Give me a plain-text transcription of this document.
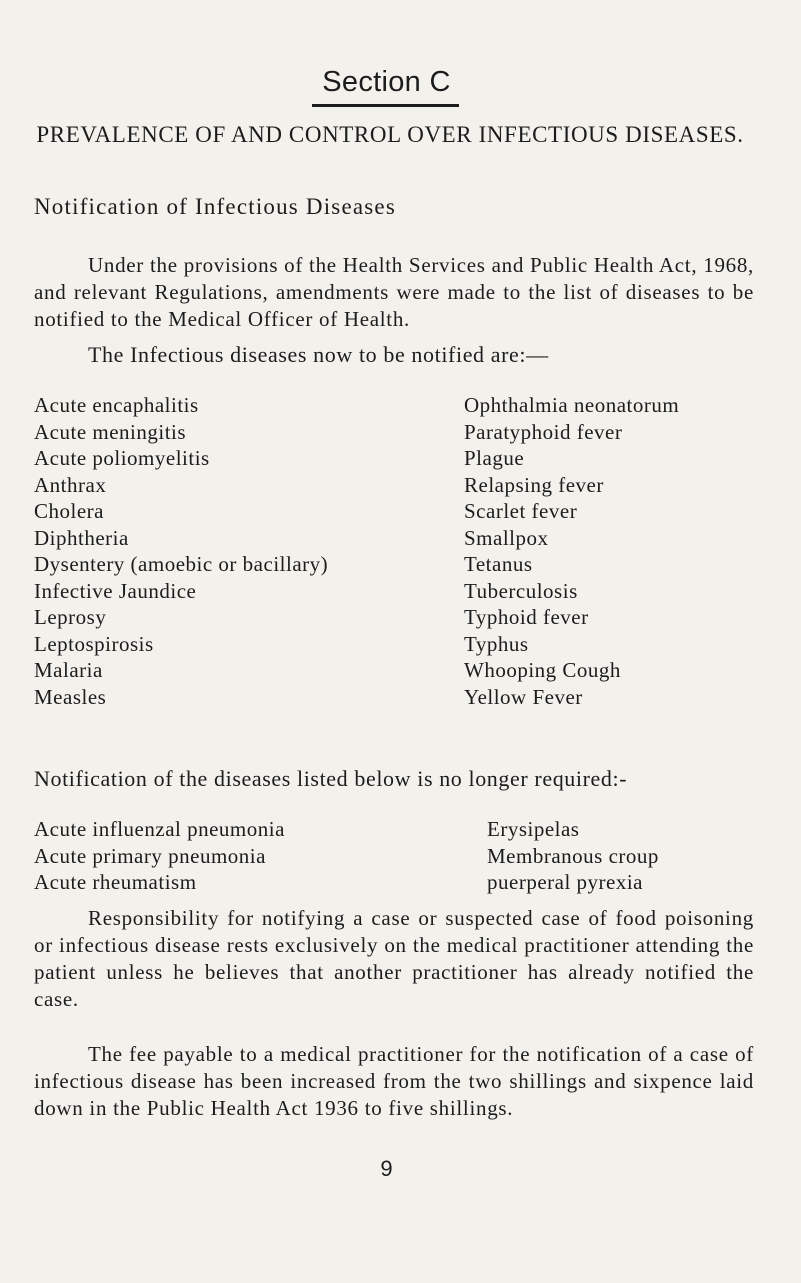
Section C
PREVALENCE OF AND CONTROL OVER INFECTIOUS DISEASES.
Notification of Infectious Diseases

Under the provisions of the Health Services and Public Health Act, 1968, and relevant Regulations, amendments were made to the list of diseases to be notified to the Medical Officer of Health.

The Infectious diseases now to be notified are:—
Acute encaphalitis
Acute meningitis
Acute poliomyelitis
Anthrax
Cholera
Diphtheria
Dysentery (amoebic or bacillary)
Infective Jaundice
Leprosy
Leptospirosis
Malaria
Measles
Ophthalmia neonatorum
Paratyphoid fever
Plague
Relapsing fever
Scarlet fever
Smallpox
Tetanus
Tuberculosis
Typhoid fever
Typhus
Whooping Cough
Yellow Fever
Notification of the diseases listed below is no longer required:-
Acute influenzal pneumonia
Acute primary pneumonia
Acute rheumatism
Erysipelas
Membranous croup
puerperal pyrexia

Responsibility for notifying a case or suspected case of food poisoning or infectious disease rests exclusively on the medical practitioner attending the patient unless he believes that another practitioner has already notified the case.

The fee payable to a medical practitioner for the notification of a case of infectious disease has been increased from the two shillings and sixpence laid down in the Public Health Act 1936 to five shillings.

9
